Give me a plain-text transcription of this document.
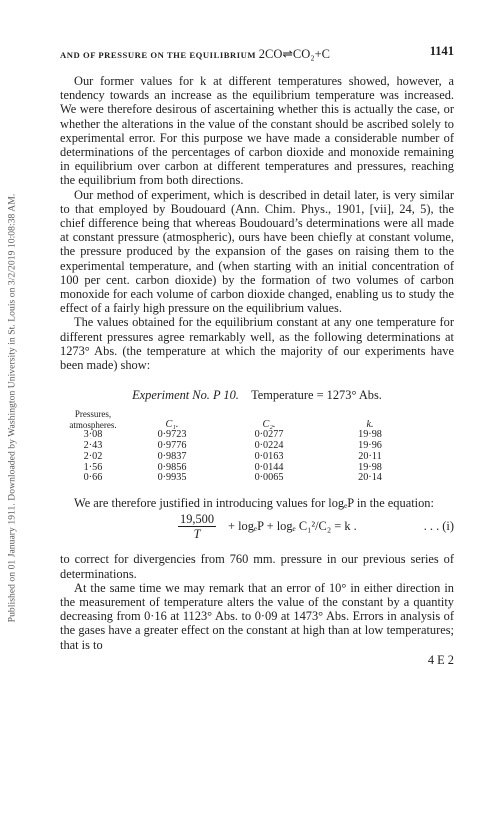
Published on 01 January 1911. Downloaded by Washington University in St. Louis on 3/2/2019 10:08:38 AM.
AND OF PRESSURE ON THE EQUILIBRIUM 2CO⇌CO₂+C	1141

Our former values for k at different temperatures showed, however, a tendency towards an increase as the equilibrium temperature was increased. We were therefore desirous of ascertaining whether this is actually the case, or whether the alterations in the value of the constant should be ascribed solely to experimental error. For this purpose we have made a considerable number of determinations of the percentages of carbon dioxide and monoxide remaining in equilibrium over carbon at different temperatures and pressures, reaching the equilibrium from both directions.

Our method of experiment, which is described in detail later, is very similar to that employed by Boudouard (Ann. Chim. Phys., 1901, [vii], 24, 5), the chief difference being that whereas Boudouard’s determinations were all made at constant pressure (atmospheric), ours have been chiefly at constant volume, the pressure produced by the expansion of the gases on raising them to the experimental temperature, and (when starting with an initial concentration of 100 per cent. carbon dioxide) by the formation of two volumes of carbon monoxide for each volume of carbon dioxide changed, enabling us to study the effect of a fairly high pressure on the equilibrium values.

The values obtained for the equilibrium constant at any one temperature for different pressures agree remarkably well, as the following determinations at 1273° Abs. (the temperature at which the majority of our experiments have been made) show:

Experiment No. P 10. Temperature = 1273° Abs.
Pressures, atmospheres.	C₁.	C₂.	k.
3·08	0·9723	0·0277	19·98
2·43	0·9776	0·0224	19·96
2·02	0·9837	0·0163	20·11
1·56	0·9856	0·0144	19·98
0·66	0·9935	0·0065	20·14

We are therefore justified in introducing values for logₑP in the equation:

$\frac{19,500}{T} + \log_eP + \log_e$ C₁²/C₂ = k .	. . . (i)

to correct for divergencies from 760 mm. pressure in our previous series of determinations.

At the same time we may remark that an error of 10° in either direction in the measurement of temperature alters the value of the constant by a quantity decreasing from 0·16 at 1123° Abs. to 0·09 at 1473° Abs. Errors in analysis of the gases have a greater effect on the constant at high than at low temperatures; that is to

4 E 2
